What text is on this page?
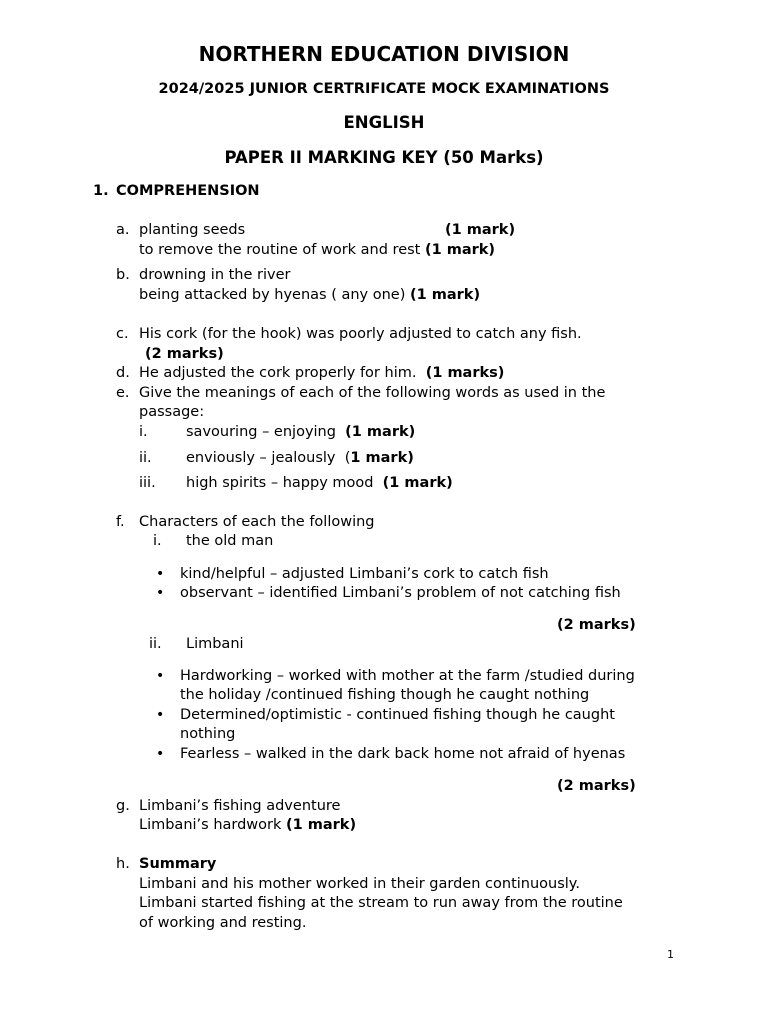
NORTHERN EDUCATION DIVISION
2024/2025 JUNIOR CERTRIFICATE MOCK EXAMINATIONS
ENGLISH
PAPER II MARKING KEY (50 Marks)
1. COMPREHENSION
a. planting seeds	(1 mark)
to remove the routine of work and rest (1 mark)
b. drowning in the river
being attacked by hyenas ( any one) (1 mark)
c. His cork (for the hook) was poorly adjusted to catch any fish.
(2 marks)
d. He adjusted the cork properly for him. (1 marks)
e. Give the meanings of each of the following words as used in the
passage:
i.	savouring – enjoying (1 mark)
ii. enviously – jealously (1 mark)
iii. high spirits – happy mood (1 mark)
f. Characters of each the following
i. the old man
• kind/helpful – adjusted Limbani’s cork to catch fish
• observant – identified Limbani’s problem of not catching fish
(2 marks)
ii. Limbani
• Hardworking – worked with mother at the farm /studied during
the holiday /continued fishing though he caught nothing
• Determined/optimistic - continued fishing though he caught
nothing
• Fearless – walked in the dark back home not afraid of hyenas
(2 marks)
g. Limbani’s fishing adventure
Limbani’s hardwork (1 mark)
h. Summary
Limbani and his mother worked in their garden continuously.
Limbani started fishing at the stream to run away from the routine
of working and resting.
1
